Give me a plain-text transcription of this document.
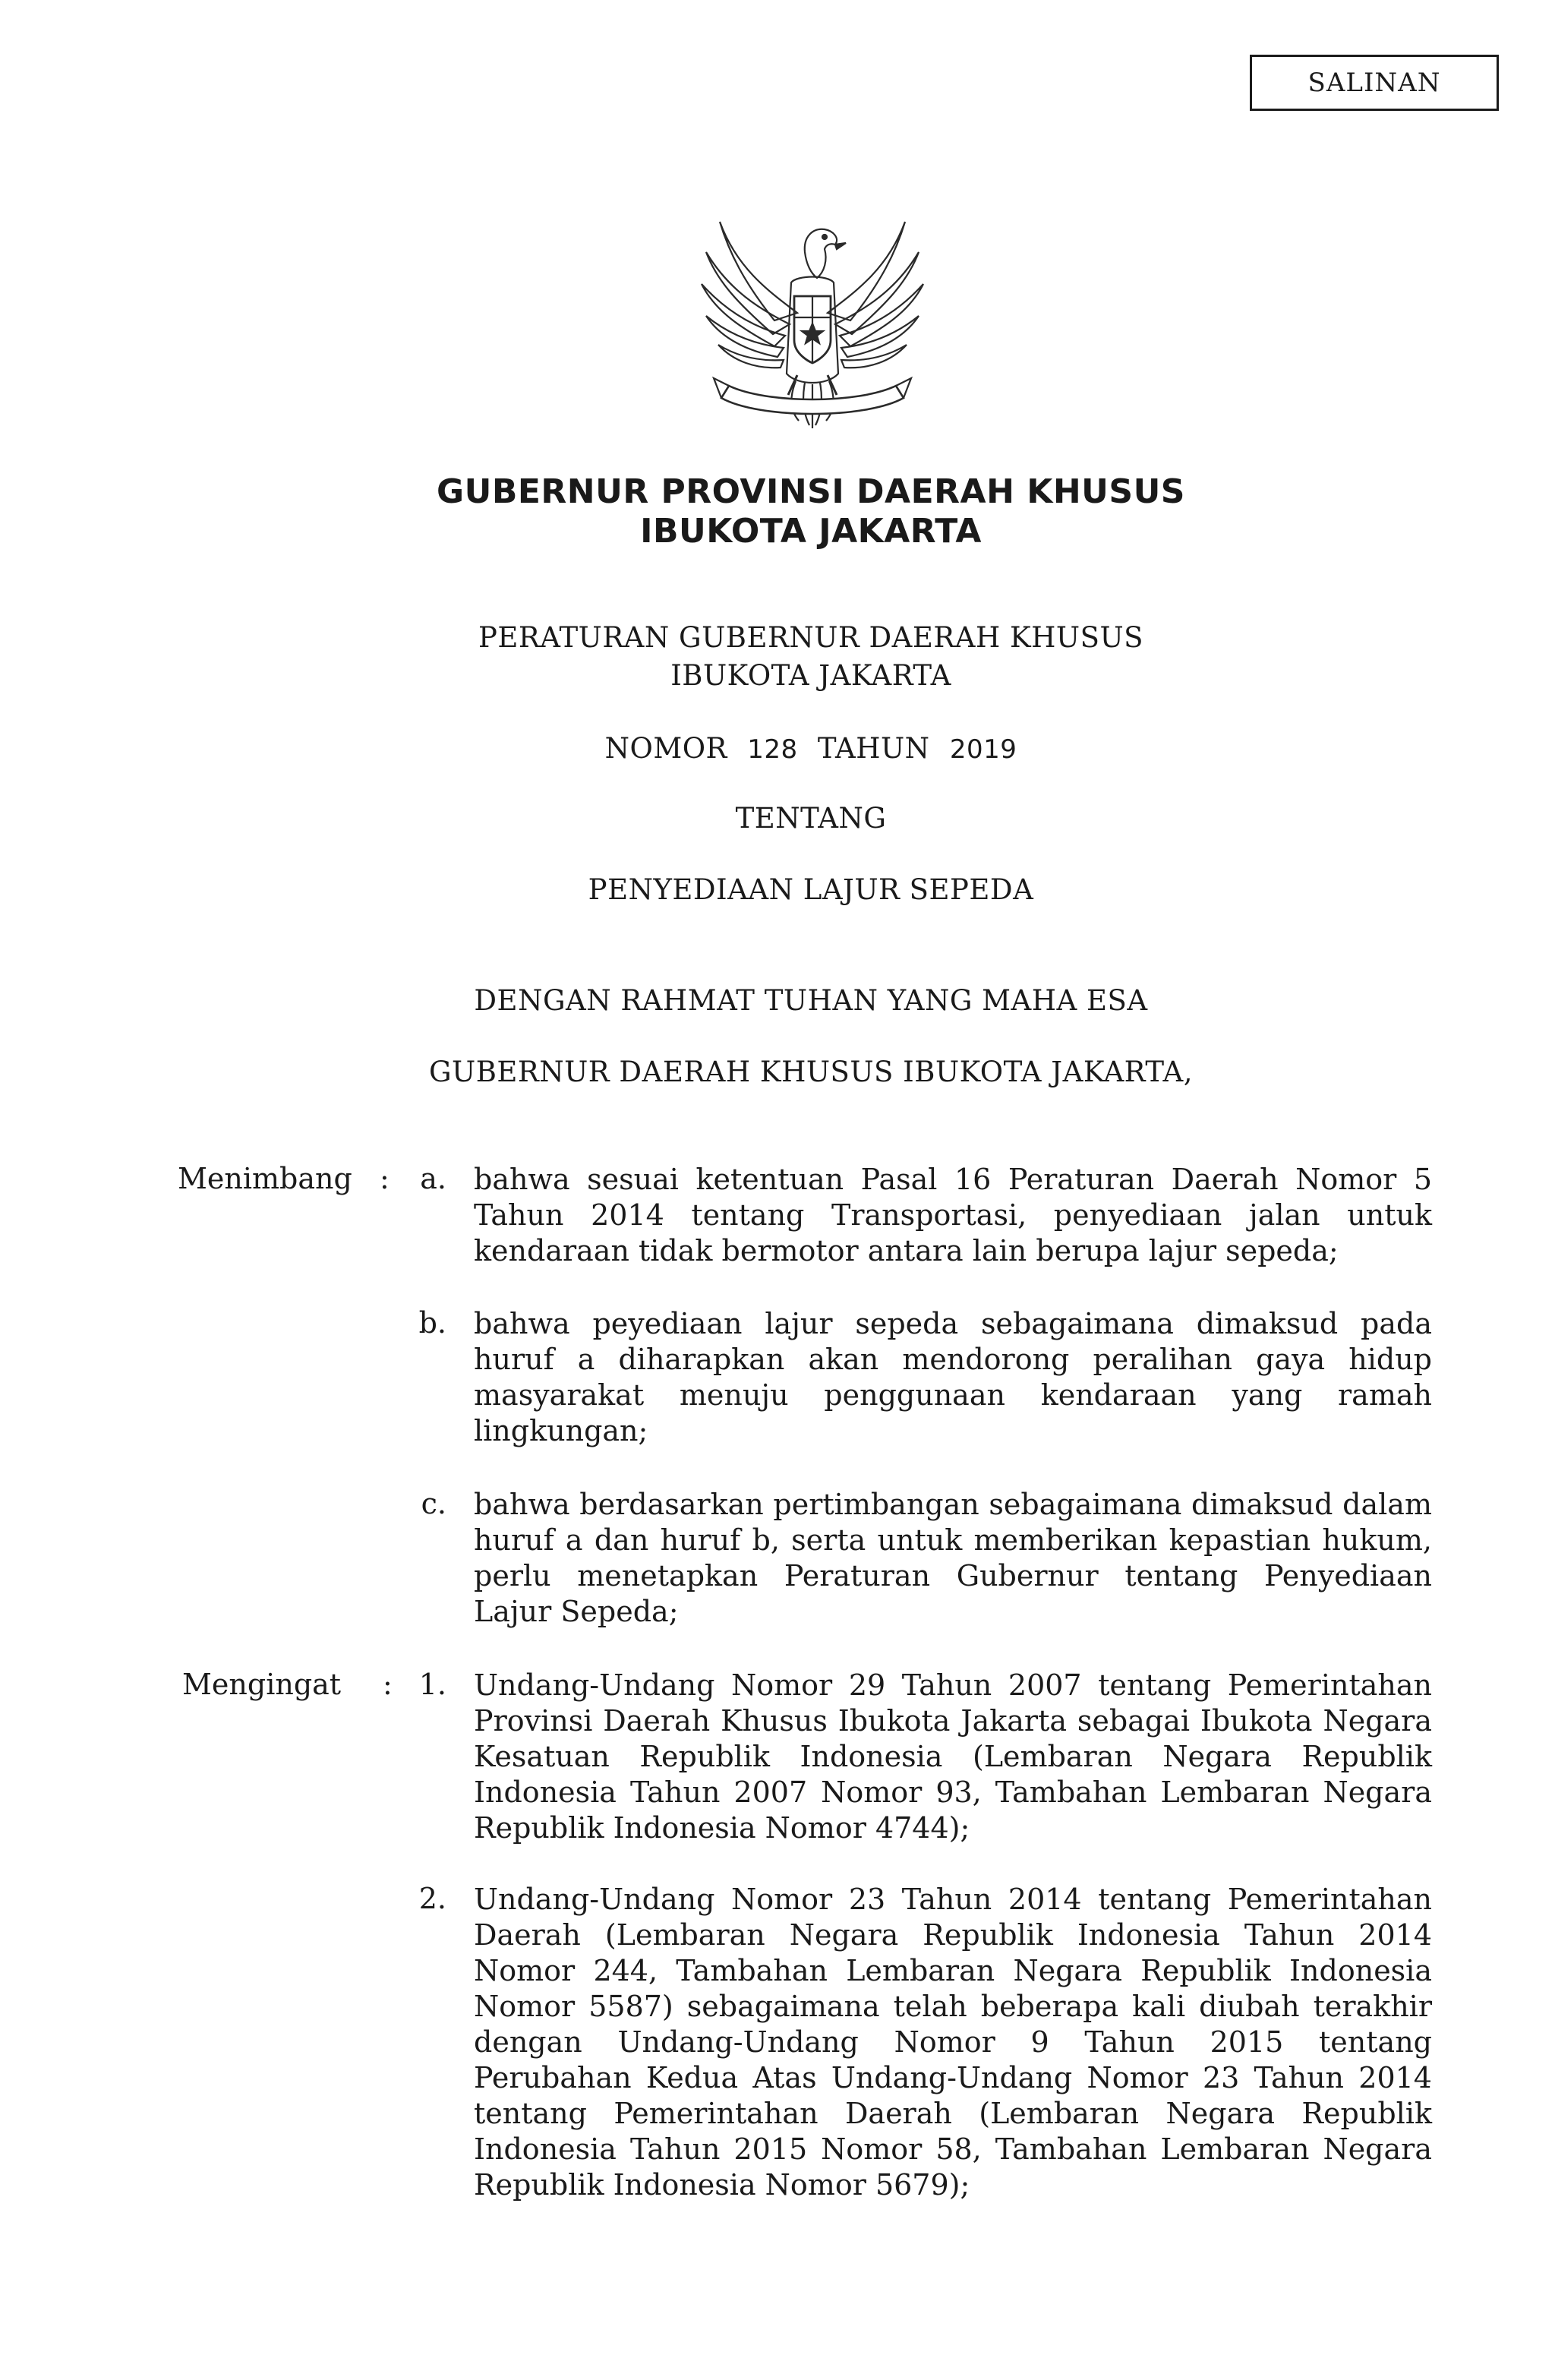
SALINAN
GUBERNUR PROVINSI DAERAH KHUSUS
IBUKOTA JAKARTA
PERATURAN GUBERNUR DAERAH KHUSUS
IBUKOTA JAKARTA
NOMOR 128 TAHUN 2019
TENTANG
PENYEDIAAN LAJUR SEPEDA
DENGAN RAHMAT TUHAN YANG MAHA ESA
GUBERNUR DAERAH KHUSUS IBUKOTA JAKARTA,
Menimbang :	a. bahwa sesuai ketentuan Pasal 16 Peraturan Daerah Nomor 5 Tahun 2014 tentang Transportasi, penyediaan jalan untuk kendaraan tidak bermotor antara lain berupa lajur sepeda;
b. bahwa peyediaan lajur sepeda sebagaimana dimaksud pada huruf a diharapkan akan mendorong peralihan gaya hidup masyarakat menuju penggunaan kendaraan yang ramah lingkungan;
c. bahwa berdasarkan pertimbangan sebagaimana dimaksud dalam huruf a dan huruf b, serta untuk memberikan kepastian hukum, perlu menetapkan Peraturan Gubernur tentang Penyediaan Lajur Sepeda;
Mengingat	: 1. Undang-Undang Nomor 29 Tahun 2007 tentang Pemerintahan Provinsi Daerah Khusus Ibukota Jakarta sebagai Ibukota Negara Kesatuan Republik Indonesia (Lembaran Negara Republik Indonesia Tahun 2007 Nomor 93, Tambahan Lembaran Negara Republik Indonesia Nomor 4744);
2. Undang-Undang Nomor 23 Tahun 2014 tentang Pemerintahan Daerah (Lembaran Negara Republik Indonesia Tahun 2014 Nomor 244, Tambahan Lembaran Negara Republik Indonesia Nomor 5587) sebagaimana telah beberapa kali diubah terakhir dengan Undang-Undang Nomor 9 Tahun 2015 tentang Perubahan Kedua Atas Undang-Undang Nomor 23 Tahun 2014 tentang Pemerintahan Daerah (Lembaran Negara Republik Indonesia Tahun 2015 Nomor 58, Tambahan Lembaran Negara Republik Indonesia Nomor 5679);
